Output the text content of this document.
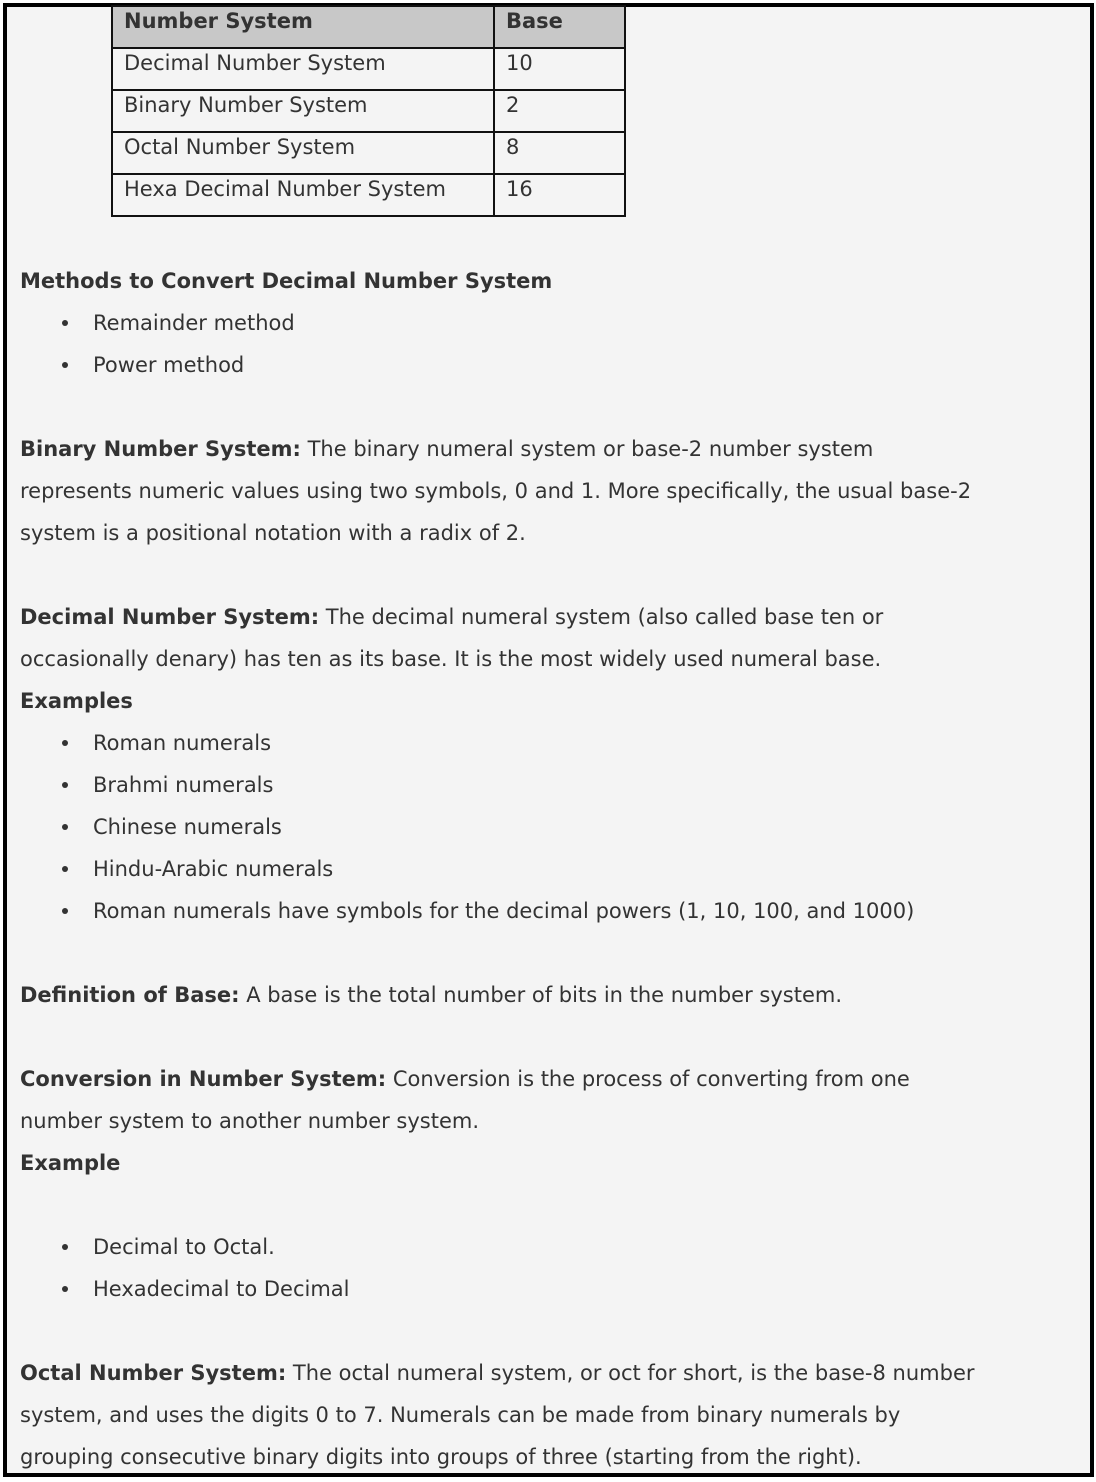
Number System	Base
Decimal Number System	10
Binary Number System	2
Octal Number System	8
Hexa Decimal Number System	16
Methods to Convert Decimal Number System
Remainder method
Power method
Binary Number System: The binary numeral system or base-2 number system
represents numeric values using two symbols, 0 and 1. More specifically, the usual base-2
system is a positional notation with a radix of 2.
Decimal Number System: The decimal numeral system (also called base ten or
occasionally denary) has ten as its base. It is the most widely used numeral base.
Examples
Roman numerals
Brahmi numerals
Chinese numerals
Hindu-Arabic numerals
Roman numerals have symbols for the decimal powers (1, 10, 100, and 1000)
Definition of Base: A base is the total number of bits in the number system.
Conversion in Number System: Conversion is the process of converting from one
number system to another number system.
Example
Decimal to Octal.
Hexadecimal to Decimal
Octal Number System: The octal numeral system, or oct for short, is the base-8 number
system, and uses the digits 0 to 7. Numerals can be made from binary numerals by
grouping consecutive binary digits into groups of three (starting from the right).
